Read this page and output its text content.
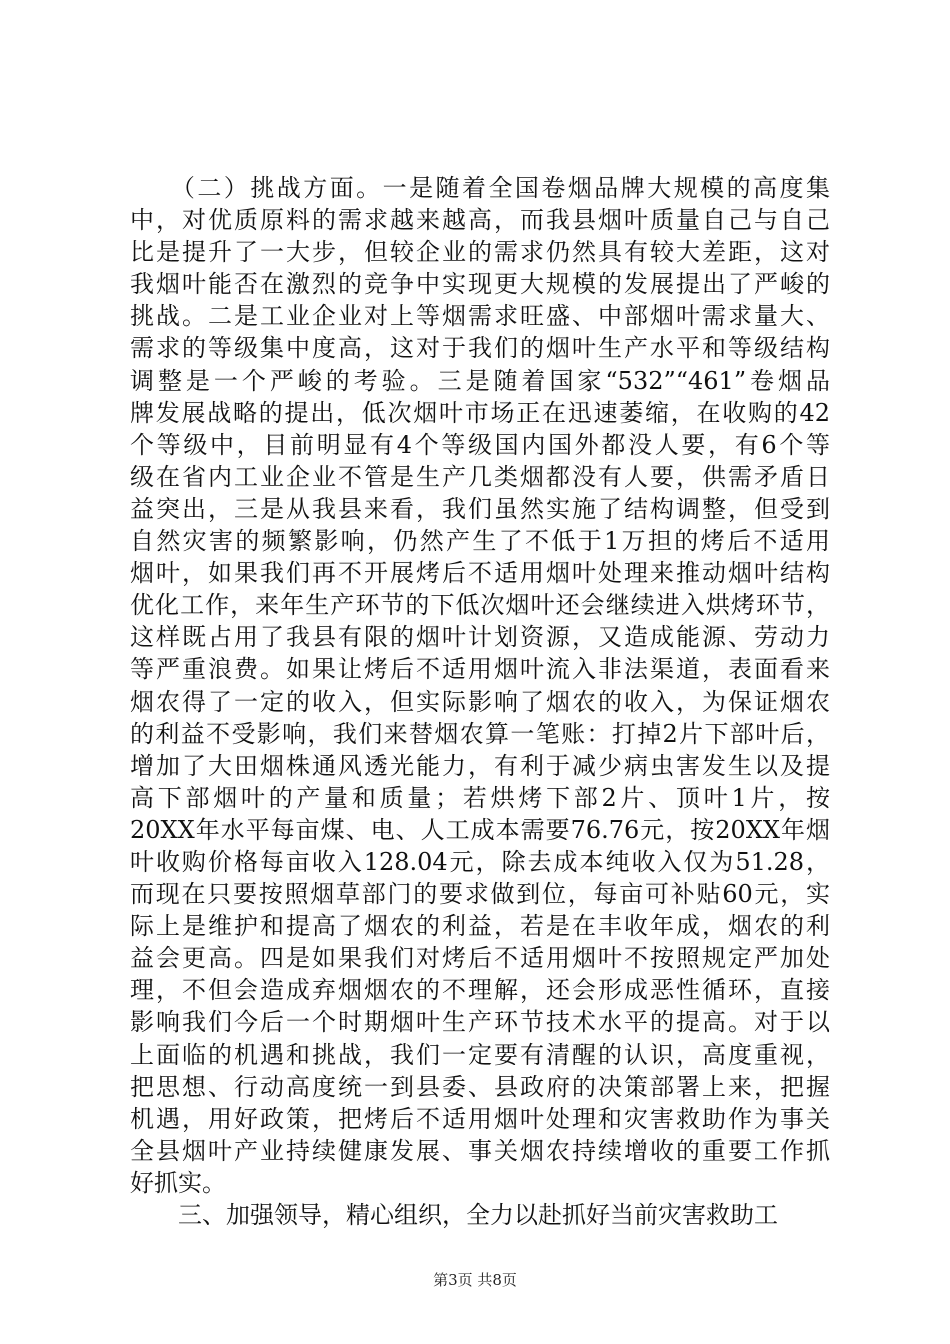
　　（二）挑战方面。一是随着全国卷烟品牌大规模的高度集
中，对优质原料的需求越来越高，而我县烟叶质量自己与自己
比是提升了一大步，但较企业的需求仍然具有较大差距，这对
我烟叶能否在激烈的竞争中实现更大规模的发展提出了严峻的
挑战。二是工业企业对上等烟需求旺盛、中部烟叶需求量大、
需求的等级集中度高，这对于我们的烟叶生产水平和等级结构
调整是一个严峻的考验。三是随着国家“532”“461”卷烟品
牌发展战略的提出，低次烟叶市场正在迅速萎缩，在收购的42
个等级中，目前明显有4个等级国内国外都没人要，有6个等
级在省内工业企业不管是生产几类烟都没有人要，供需矛盾日
益突出，三是从我县来看，我们虽然实施了结构调整，但受到
自然灾害的频繁影响，仍然产生了不低于1万担的烤后不适用
烟叶，如果我们再不开展烤后不适用烟叶处理来推动烟叶结构
优化工作，来年生产环节的下低次烟叶还会继续进入烘烤环节，
这样既占用了我县有限的烟叶计划资源，又造成能源、劳动力
等严重浪费。如果让烤后不适用烟叶流入非法渠道，表面看来
烟农得了一定的收入，但实际影响了烟农的收入，为保证烟农
的利益不受影响，我们来替烟农算一笔账：打掉2片下部叶后，
增加了大田烟株通风透光能力，有利于减少病虫害发生以及提
高下部烟叶的产量和质量；若烘烤下部2片、顶叶1片，按
20XX年水平每亩煤、电、人工成本需要76.76元，按20XX年烟
叶收购价格每亩收入128.04元，除去成本纯收入仅为51.28，
而现在只要按照烟草部门的要求做到位，每亩可补贴60元，实
际上是维护和提高了烟农的利益，若是在丰收年成，烟农的利
益会更高。四是如果我们对烤后不适用烟叶不按照规定严加处
理，不但会造成弃烟烟农的不理解，还会形成恶性循环，直接
影响我们今后一个时期烟叶生产环节技术水平的提高。对于以
上面临的机遇和挑战，我们一定要有清醒的认识，高度重视，
把思想、行动高度统一到县委、县政府的决策部署上来，把握
机遇，用好政策，把烤后不适用烟叶处理和灾害救助作为事关
全县烟叶产业持续健康发展、事关烟农持续增收的重要工作抓
好抓实。
　　三、加强领导，精心组织，全力以赴抓好当前灾害救助工
第3页 共8页
